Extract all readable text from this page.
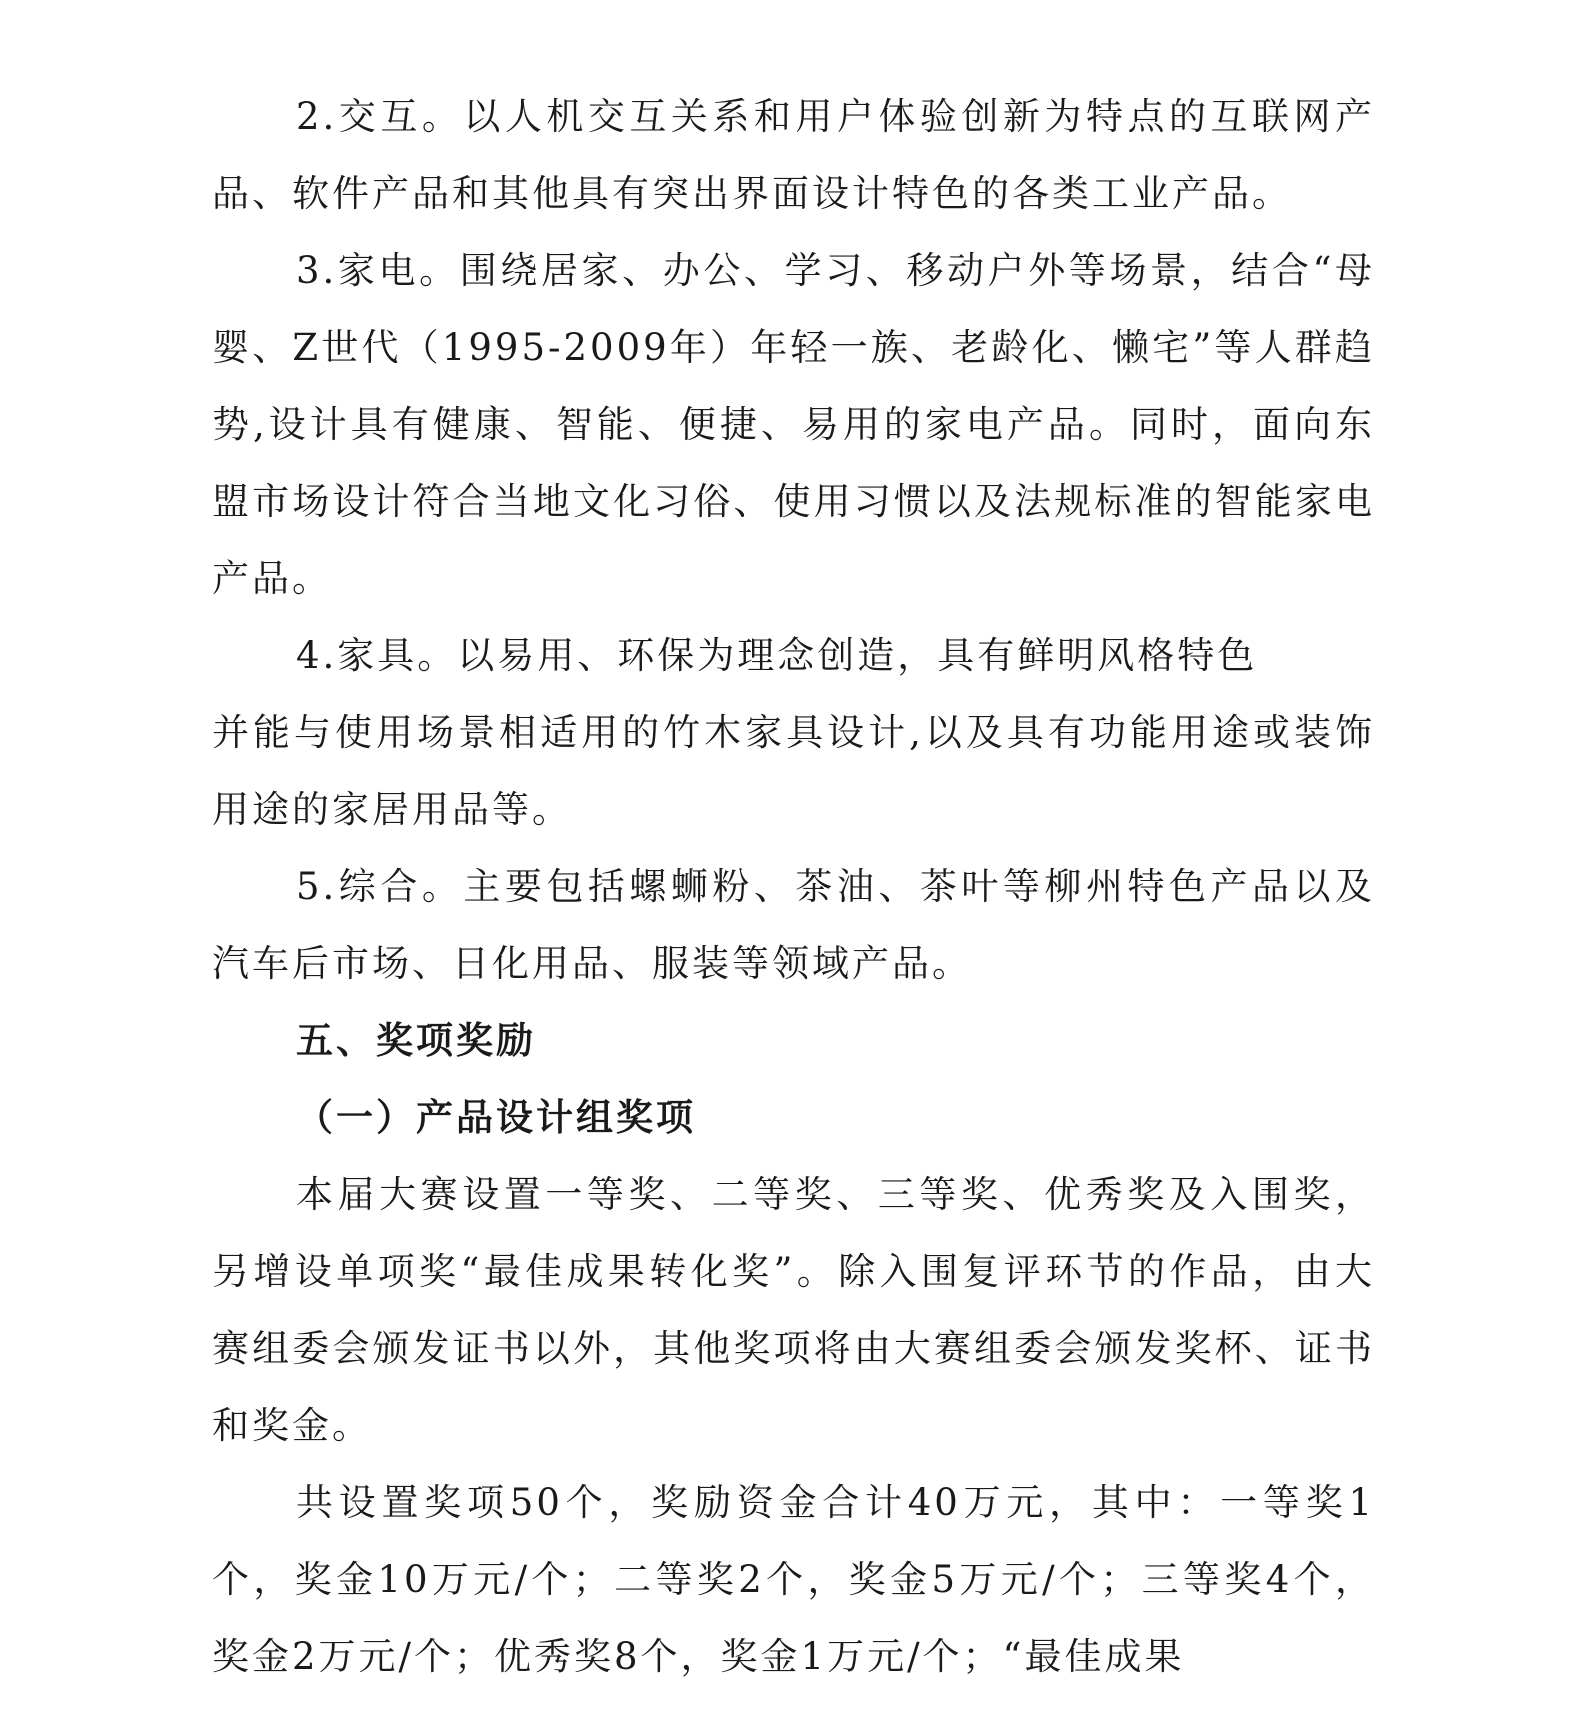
2.交互。以人机交互关系和用户体验创新为特点的互联网产品、软件产品和其他具有突出界面设计特色的各类工业产品。

3.家电。围绕居家、办公、学习、移动户外等场景，结合“母婴、Z世代（1995-2009年）年轻一族、老龄化、懒宅”等人群趋势,设计具有健康、智能、便捷、易用的家电产品。同时，面向东盟市场设计符合当地文化习俗、使用习惯以及法规标准的智能家电产品。

4.家具。以易用、环保为理念创造，具有鲜明风格特色

并能与使用场景相适用的竹木家具设计,以及具有功能用途或装饰用途的家居用品等。

5.综合。主要包括螺蛳粉、茶油、茶叶等柳州特色产品以及汽车后市场、日化用品、服装等领域产品。

五、奖项奖励

（一）产品设计组奖项

本届大赛设置一等奖、二等奖、三等奖、优秀奖及入围奖，另增设单项奖“最佳成果转化奖”。除入围复评环节的作品，由大赛组委会颁发证书以外，其他奖项将由大赛组委会颁发奖杯、证书和奖金。

共设置奖项50个，奖励资金合计40万元，其中：一等奖1个，奖金10万元/个；二等奖2个，奖金5万元/个；三等奖4个，奖金2万元/个；优秀奖8个，奖金1万元/个；“最佳成果
